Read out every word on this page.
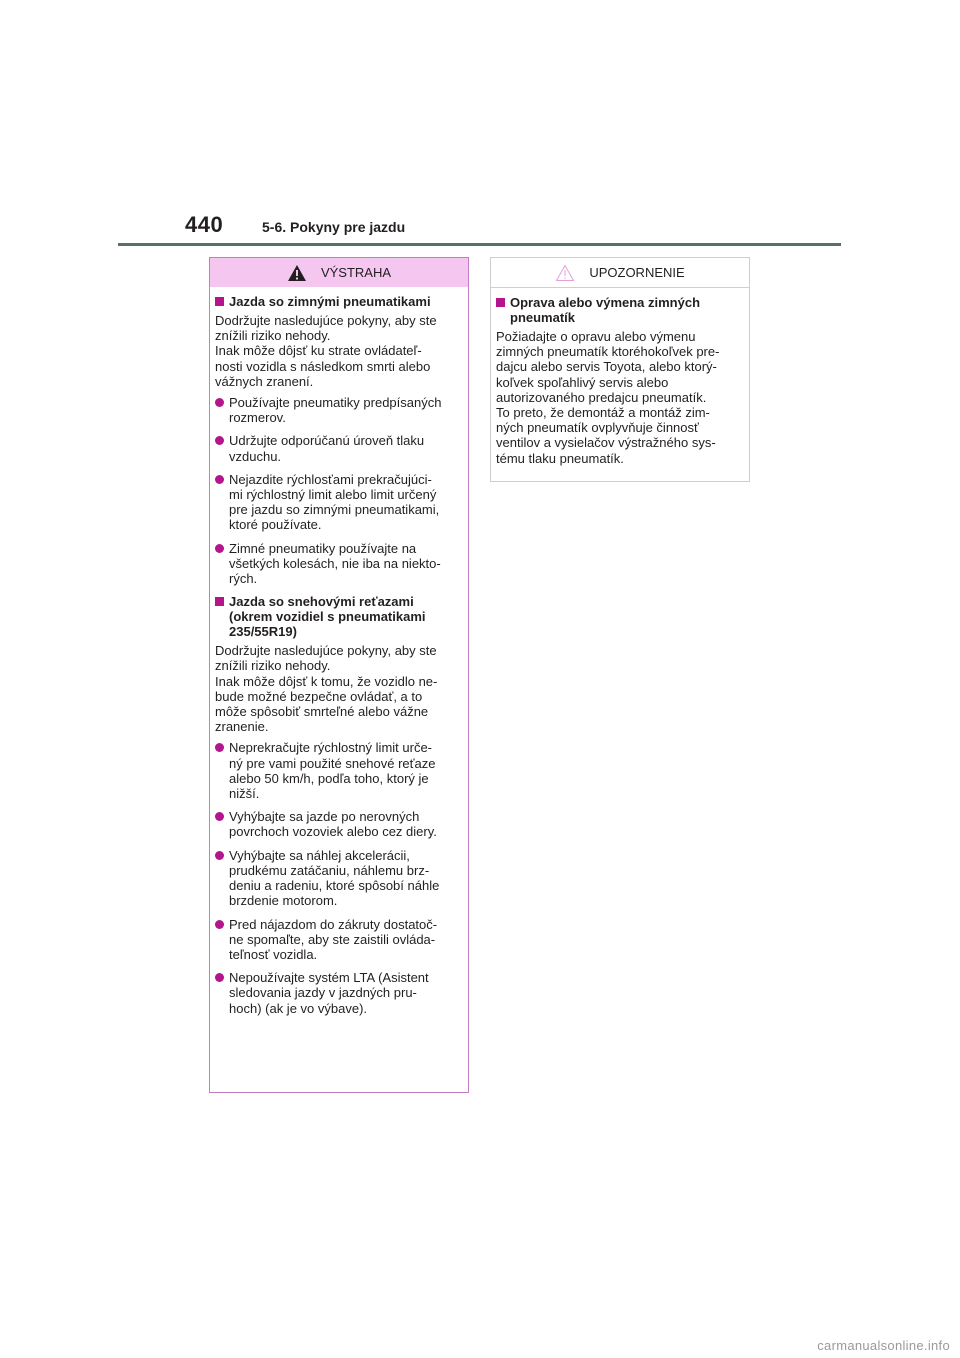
440	5-6. Pokyny pre jazdu
VÝSTRAHA
Jazda so zimnými pneumatikami
Dodržujte nasledujúce pokyny, aby ste
znížili riziko nehody.
Inak môže dôjsť ku strate ovládateľ-
nosti vozidla s následkom smrti alebo
vážnych zranení.
Používajte pneumatiky predpísaných
rozmerov.
Udržujte odporúčanú úroveň tlaku
vzduchu.
Nejazdite rýchlosťami prekračujúci-
mi rýchlostný limit alebo limit určený
pre jazdu so zimnými pneumatikami,
ktoré používate.
Zimné pneumatiky používajte na
všetkých kolesách, nie iba na niekto-
rých.
Jazda so snehovými reťazami
(okrem vozidiel s pneumatikami
235/55R19)
Dodržujte nasledujúce pokyny, aby ste
znížili riziko nehody.
Inak môže dôjsť k tomu, že vozidlo ne-
bude možné bezpečne ovládať, a to
môže spôsobiť smrteľné alebo vážne
zranenie.
Neprekračujte rýchlostný limit urče-
ný pre vami použité snehové reťaze
alebo 50 km/h, podľa toho, ktorý je
nižší.
Vyhýbajte sa jazde po nerovných
povrchoch vozoviek alebo cez diery.
Vyhýbajte sa náhlej akcelerácii,
prudkému zatáčaniu, náhlemu brz-
deniu a radeniu, ktoré spôsobí náhle
brzdenie motorom.
Pred nájazdom do zákruty dostatoč-
ne spomaľte, aby ste zaistili ovláda-
teľnosť vozidla.
Nepoužívajte systém LTA (Asistent
sledovania jazdy v jazdných pru-
hoch) (ak je vo výbave).
UPOZORNENIE
Oprava alebo výmena zimných
pneumatík
Požiadajte o opravu alebo výmenu
zimných pneumatík ktoréhokoľvek pre-
dajcu alebo servis Toyota, alebo ktorý-
koľvek spoľahlivý servis alebo
autorizovaného predajcu pneumatík.
To preto, že demontáž a montáž zim-
ných pneumatík ovplyvňuje činnosť
ventilov a vysielačov výstražného sys-
tému tlaku pneumatík.
carmanualsonline.info
